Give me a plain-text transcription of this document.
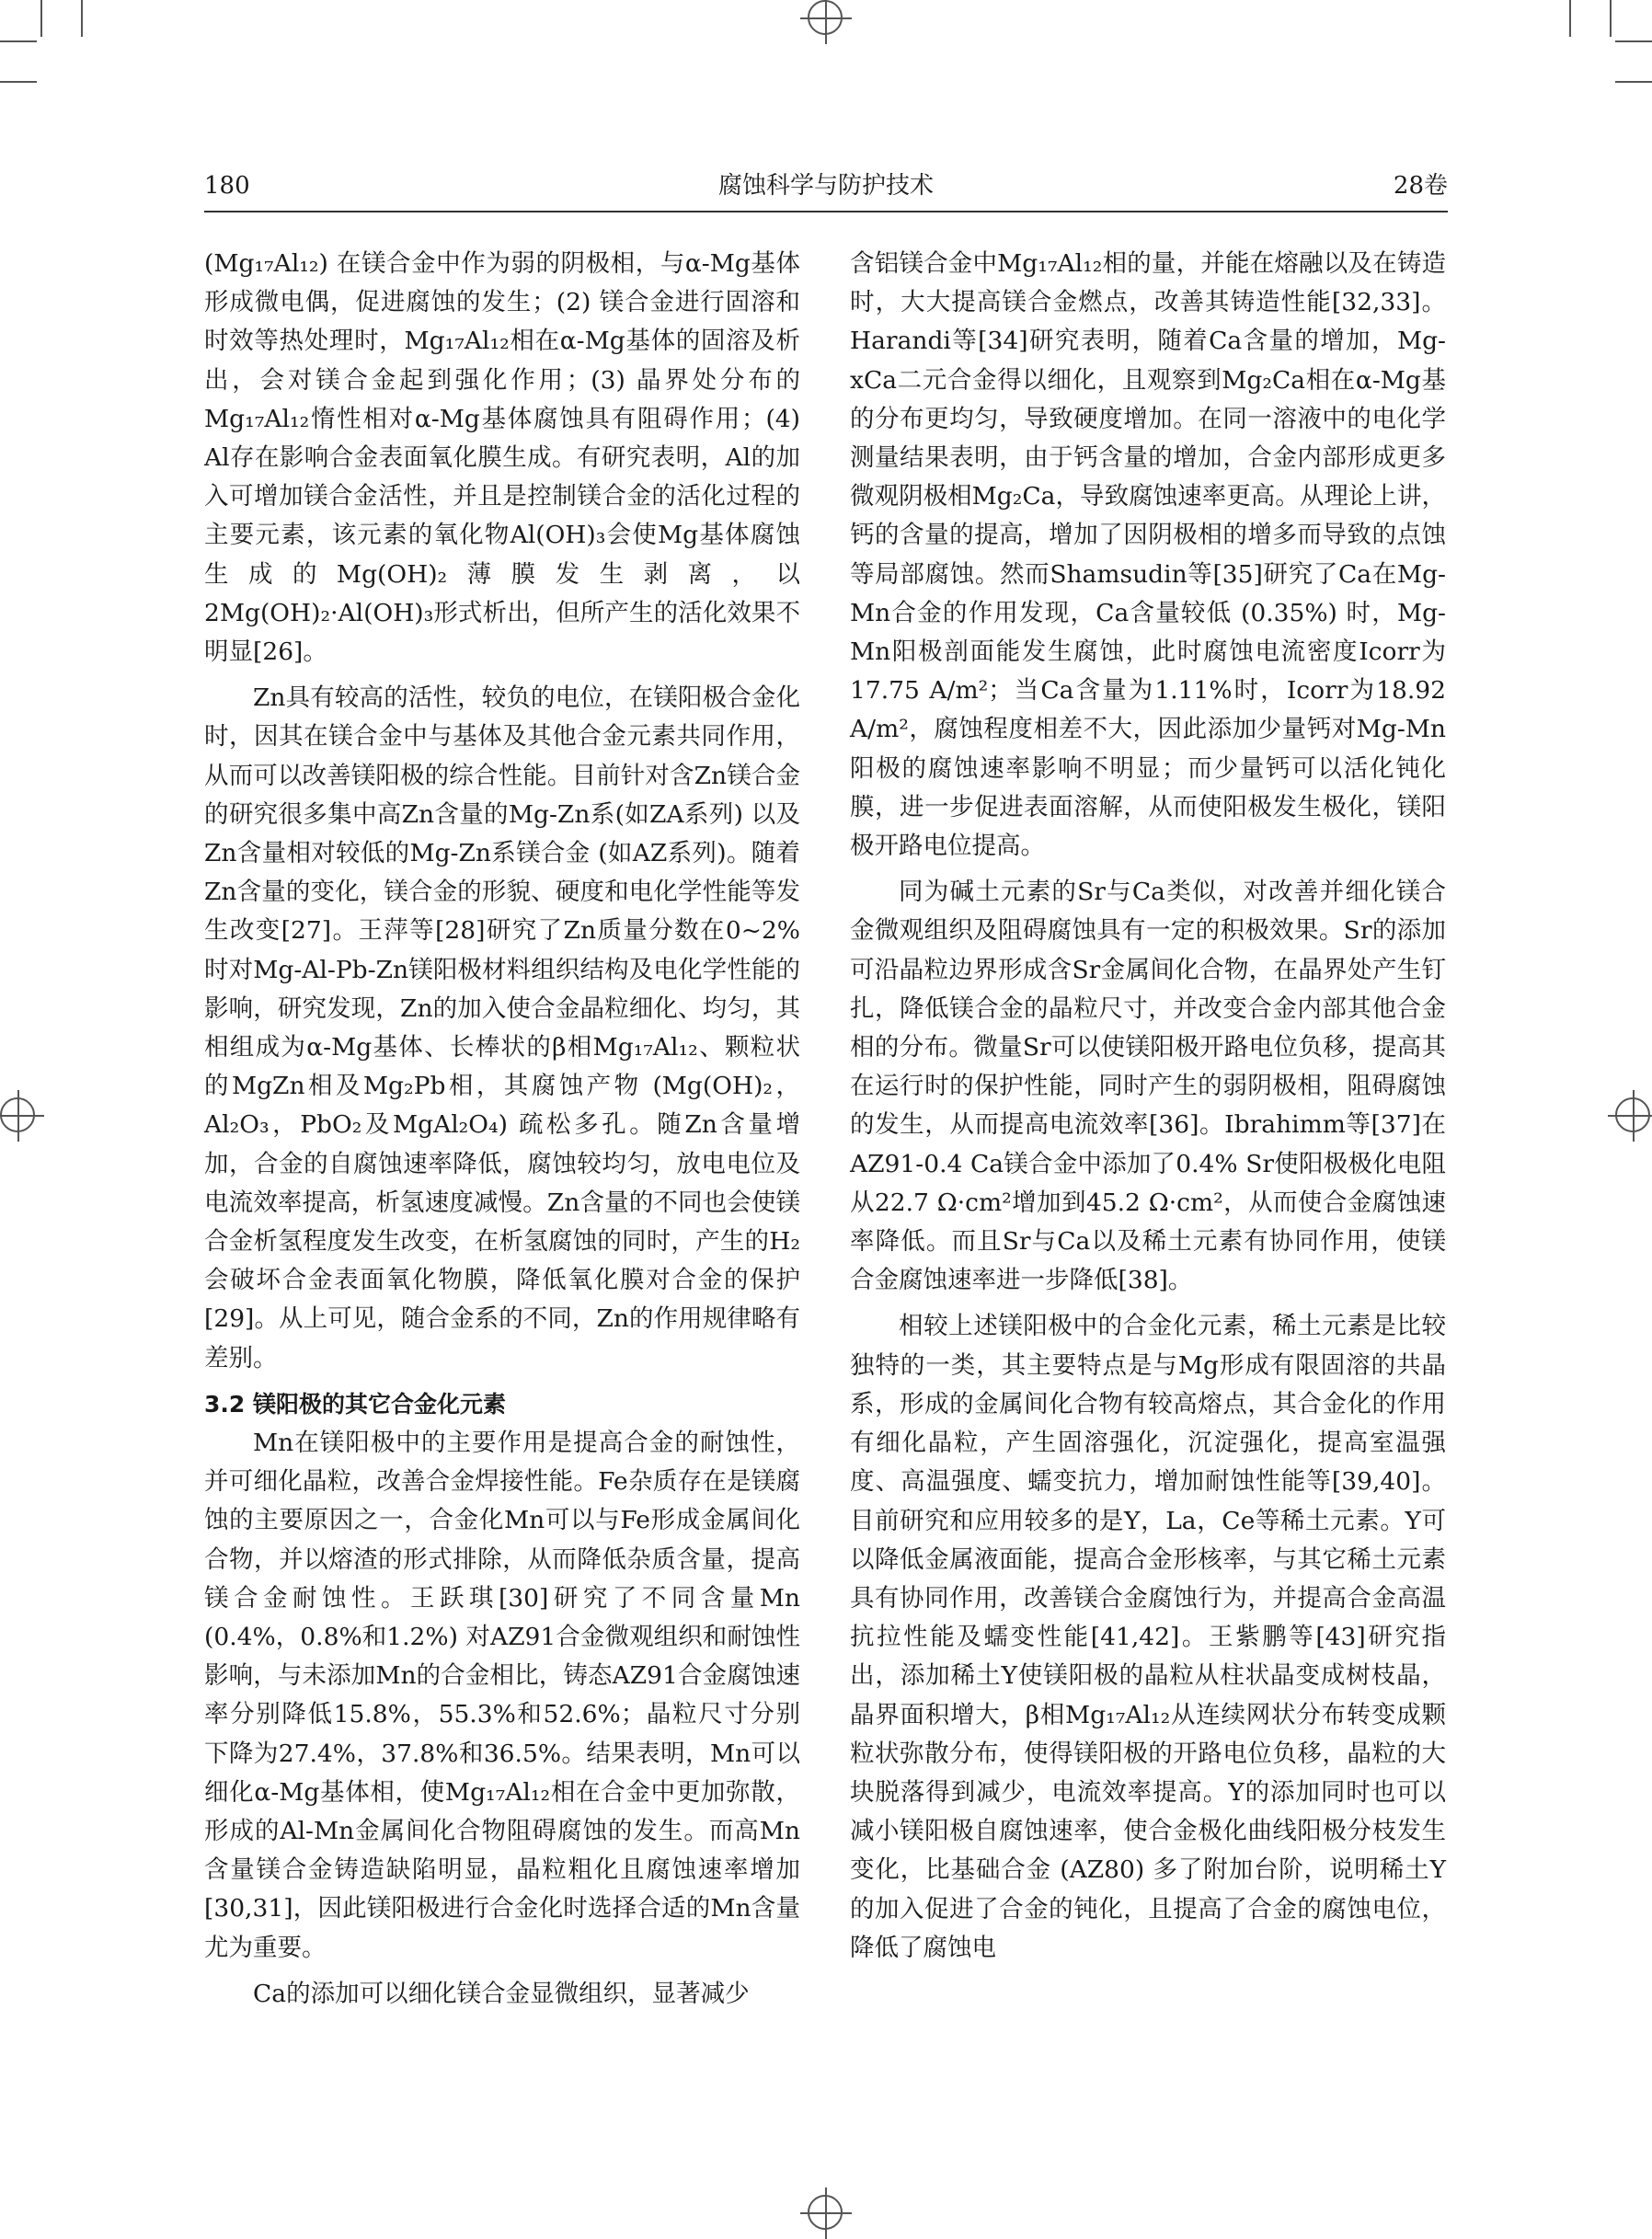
180	腐蚀科学与防护技术	28卷

(Mg₁₇Al₁₂) 在镁合金中作为弱的阴极相，与α-Mg基体形成微电偶，促进腐蚀的发生；(2) 镁合金进行固溶和时效等热处理时，Mg₁₇Al₁₂相在α-Mg基体的固溶及析出，会对镁合金起到强化作用；(3) 晶界处分布的Mg₁₇Al₁₂惰性相对α-Mg基体腐蚀具有阻碍作用；(4) Al存在影响合金表面氧化膜生成。有研究表明，Al的加入可增加镁合金活性，并且是控制镁合金的活化过程的主要元素，该元素的氧化物Al(OH)₃会使Mg基体腐蚀生成的Mg(OH)₂薄膜发生剥离，以2Mg(OH)₂·Al(OH)₃形式析出，但所产生的活化效果不明显[26]。

Zn具有较高的活性，较负的电位，在镁阳极合金化时，因其在镁合金中与基体及其他合金元素共同作用，从而可以改善镁阳极的综合性能。目前针对含Zn镁合金的研究很多集中高Zn含量的Mg-Zn系(如ZA系列) 以及Zn含量相对较低的Mg-Zn系镁合金 (如AZ系列)。随着Zn含量的变化，镁合金的形貌、硬度和电化学性能等发生改变[27]。王萍等[28]研究了Zn质量分数在0~2%时对Mg-Al-Pb-Zn镁阳极材料组织结构及电化学性能的影响，研究发现，Zn的加入使合金晶粒细化、均匀，其相组成为α-Mg基体、长棒状的β相Mg₁₇Al₁₂、颗粒状的MgZn相及Mg₂Pb相，其腐蚀产物 (Mg(OH)₂，Al₂O₃，PbO₂及MgAl₂O₄) 疏松多孔。随Zn含量增加，合金的自腐蚀速率降低，腐蚀较均匀，放电电位及电流效率提高，析氢速度减慢。Zn含量的不同也会使镁合金析氢程度发生改变，在析氢腐蚀的同时，产生的H₂会破坏合金表面氧化物膜，降低氧化膜对合金的保护[29]。从上可见，随合金系的不同，Zn的作用规律略有差别。

3.2 镁阳极的其它合金化元素

Mn在镁阳极中的主要作用是提高合金的耐蚀性，并可细化晶粒，改善合金焊接性能。Fe杂质存在是镁腐蚀的主要原因之一，合金化Mn可以与Fe形成金属间化合物，并以熔渣的形式排除，从而降低杂质含量，提高镁合金耐蚀性。王跃琪[30]研究了不同含量Mn (0.4%，0.8%和1.2%) 对AZ91合金微观组织和耐蚀性影响，与未添加Mn的合金相比，铸态AZ91合金腐蚀速率分别降低15.8%，55.3%和52.6%；晶粒尺寸分别下降为27.4%，37.8%和36.5%。结果表明，Mn可以细化α-Mg基体相，使Mg₁₇Al₁₂相在合金中更加弥散，形成的Al-Mn金属间化合物阻碍腐蚀的发生。而高Mn含量镁合金铸造缺陷明显，晶粒粗化且腐蚀速率增加[30,31]，因此镁阳极进行合金化时选择合适的Mn含量尤为重要。

Ca的添加可以细化镁合金显微组织，显著减少

含铝镁合金中Mg₁₇Al₁₂相的量，并能在熔融以及在铸造时，大大提高镁合金燃点，改善其铸造性能[32,33]。Harandi等[34]研究表明，随着Ca含量的增加，Mg-xCa二元合金得以细化，且观察到Mg₂Ca相在α-Mg基的分布更均匀，导致硬度增加。在同一溶液中的电化学测量结果表明，由于钙含量的增加，合金内部形成更多微观阴极相Mg₂Ca，导致腐蚀速率更高。从理论上讲，钙的含量的提高，增加了因阴极相的增多而导致的点蚀等局部腐蚀。然而Shamsudin等[35]研究了Ca在Mg-Mn合金的作用发现，Ca含量较低 (0.35%) 时，Mg-Mn阳极剖面能发生腐蚀，此时腐蚀电流密度Icorr为17.75 A/m²；当Ca含量为1.11%时，Icorr为18.92 A/m²，腐蚀程度相差不大，因此添加少量钙对Mg-Mn阳极的腐蚀速率影响不明显；而少量钙可以活化钝化膜，进一步促进表面溶解，从而使阳极发生极化，镁阳极开路电位提高。

同为碱土元素的Sr与Ca类似，对改善并细化镁合金微观组织及阻碍腐蚀具有一定的积极效果。Sr的添加可沿晶粒边界形成含Sr金属间化合物，在晶界处产生钉扎，降低镁合金的晶粒尺寸，并改变合金内部其他合金相的分布。微量Sr可以使镁阳极开路电位负移，提高其在运行时的保护性能，同时产生的弱阴极相，阻碍腐蚀的发生，从而提高电流效率[36]。Ibrahimm等[37]在AZ91-0.4 Ca镁合金中添加了0.4% Sr使阳极极化电阻从22.7 Ω·cm²增加到45.2 Ω·cm²，从而使合金腐蚀速率降低。而且Sr与Ca以及稀土元素有协同作用，使镁合金腐蚀速率进一步降低[38]。

相较上述镁阳极中的合金化元素，稀土元素是比较独特的一类，其主要特点是与Mg形成有限固溶的共晶系，形成的金属间化合物有较高熔点，其合金化的作用有细化晶粒，产生固溶强化，沉淀强化，提高室温强度、高温强度、蠕变抗力，增加耐蚀性能等[39,40]。目前研究和应用较多的是Y，La，Ce等稀土元素。Y可以降低金属液面能，提高合金形核率，与其它稀土元素具有协同作用，改善镁合金腐蚀行为，并提高合金高温抗拉性能及蠕变性能[41,42]。王紫鹏等[43]研究指出，添加稀土Y使镁阳极的晶粒从柱状晶变成树枝晶，晶界面积增大，β相Mg₁₇Al₁₂从连续网状分布转变成颗粒状弥散分布，使得镁阳极的开路电位负移，晶粒的大块脱落得到减少，电流效率提高。Y的添加同时也可以减小镁阳极自腐蚀速率，使合金极化曲线阳极分枝发生变化，比基础合金 (AZ80) 多了附加台阶，说明稀土Y的加入促进了合金的钝化，且提高了合金的腐蚀电位，降低了腐蚀电
